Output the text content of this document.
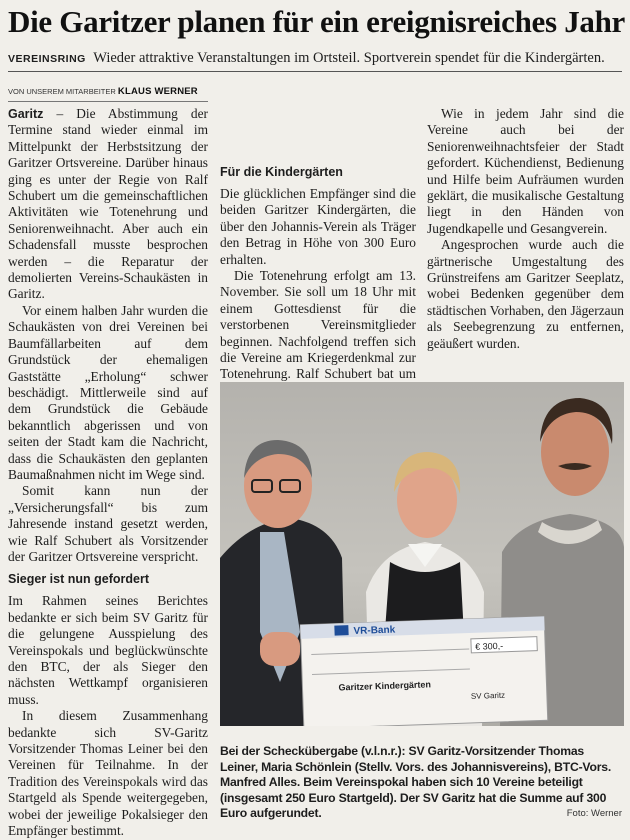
Die Garitzer planen für ein ereignisreiches Jahr
VEREINSRING Wieder attraktive Veranstaltungen im Ortsteil. Sportverein spendet für die Kindergärten.
VON UNSEREM MITARBEITER KLAUS WERNER

Garitz – Die Abstimmung der Termine stand wieder einmal im Mittelpunkt der Herbstsitzung der Garitzer Ortsvereine. Darüber hinaus ging es unter der Regie von Ralf Schubert um die gemeinschaftlichen Aktivitäten wie Totenehrung und Seniorenweihnacht. Aber auch ein Schadensfall musste besprochen werden – die Reparatur der demolierten Vereins-Schaukästen in Garitz.

Vor einem halben Jahr wurden die Schaukästen von drei Vereinen bei Baumfällarbeiten auf dem Grundstück der ehemaligen Gaststätte „Erholung“ schwer beschädigt. Mittlerweile sind auf dem Grundstück die Gebäude bekanntlich abgerissen und von seiten der Stadt kam die Nachricht, dass die Schaukästen den geplanten Baumaßnahmen nicht im Wege sind.

Somit kann nun der „Versicherungsfall“ bis zum Jahresende instand gesetzt werden, wie Ralf Schubert als Vorsitzender der Garitzer Ortsvereine verspricht.

Sieger ist nun gefordert

Im Rahmen seines Berichtes bedankte er sich beim SV Garitz für die gelungene Ausspielung des Vereinspokals und beglückwünschte den BTC, der als Sieger den nächsten Wettkampf organisieren muss.

In diesem Zusammenhang bedankte sich SV-Garitz Vorsitzender Thomas Leiner bei den Vereinen für Teilnahme. In der Tradition des Vereinspokals wird das Startgeld als Spende weitergegeben, wobei der jeweilige Pokalsieger den Empfänger bestimmt.

Für die Kindergärten

Die glücklichen Empfänger sind die beiden Garitzer Kindergärten, die über den Johannis-Verein als Träger den Betrag in Höhe von 300 Euro erhalten.

Die Totenehrung erfolgt am 13. November. Sie soll um 18 Uhr mit einem Gottesdienst für die verstorbenen Vereinsmitglieder beginnen. Nachfolgend treffen sich die Vereine am Kriegerdenkmal zur Totenehrung. Ralf Schubert bat um

Wie in jedem Jahr sind die Vereine auch bei der Seniorenweihnachtsfeier der Stadt gefordert. Küchendienst, Bedienung und Hilfe beim Aufräumen wurden geklärt, die musikalische Gestaltung liegt in den Händen von Jugendkapelle und Gesangverein.

Angesprochen wurde auch die gärtnerische Umgestaltung des Grünstreifens am Garitzer Seeplatz, wobei Bedenken gegenüber dem städtischen Vorhaben, den Jägerzaun als Seebegrenzung zu entfernen, geäußert wurden.

VR-Bank
€ 300,-
Garitzer Kindergärten
SV Garitz
Bei der Scheckübergabe (v.l.n.r.): SV Garitz-Vorsitzender Thomas Leiner, Maria Schönlein (Stellv. Vors. des Johannisvereins), BTC-Vors. Manfred Alles. Beim Vereinspokal haben sich 10 Vereine beteiligt (insgesamt 250 Euro Startgeld). Der SV Garitz hat die Summe auf 300 Euro aufgerundet.	Foto: Werner
